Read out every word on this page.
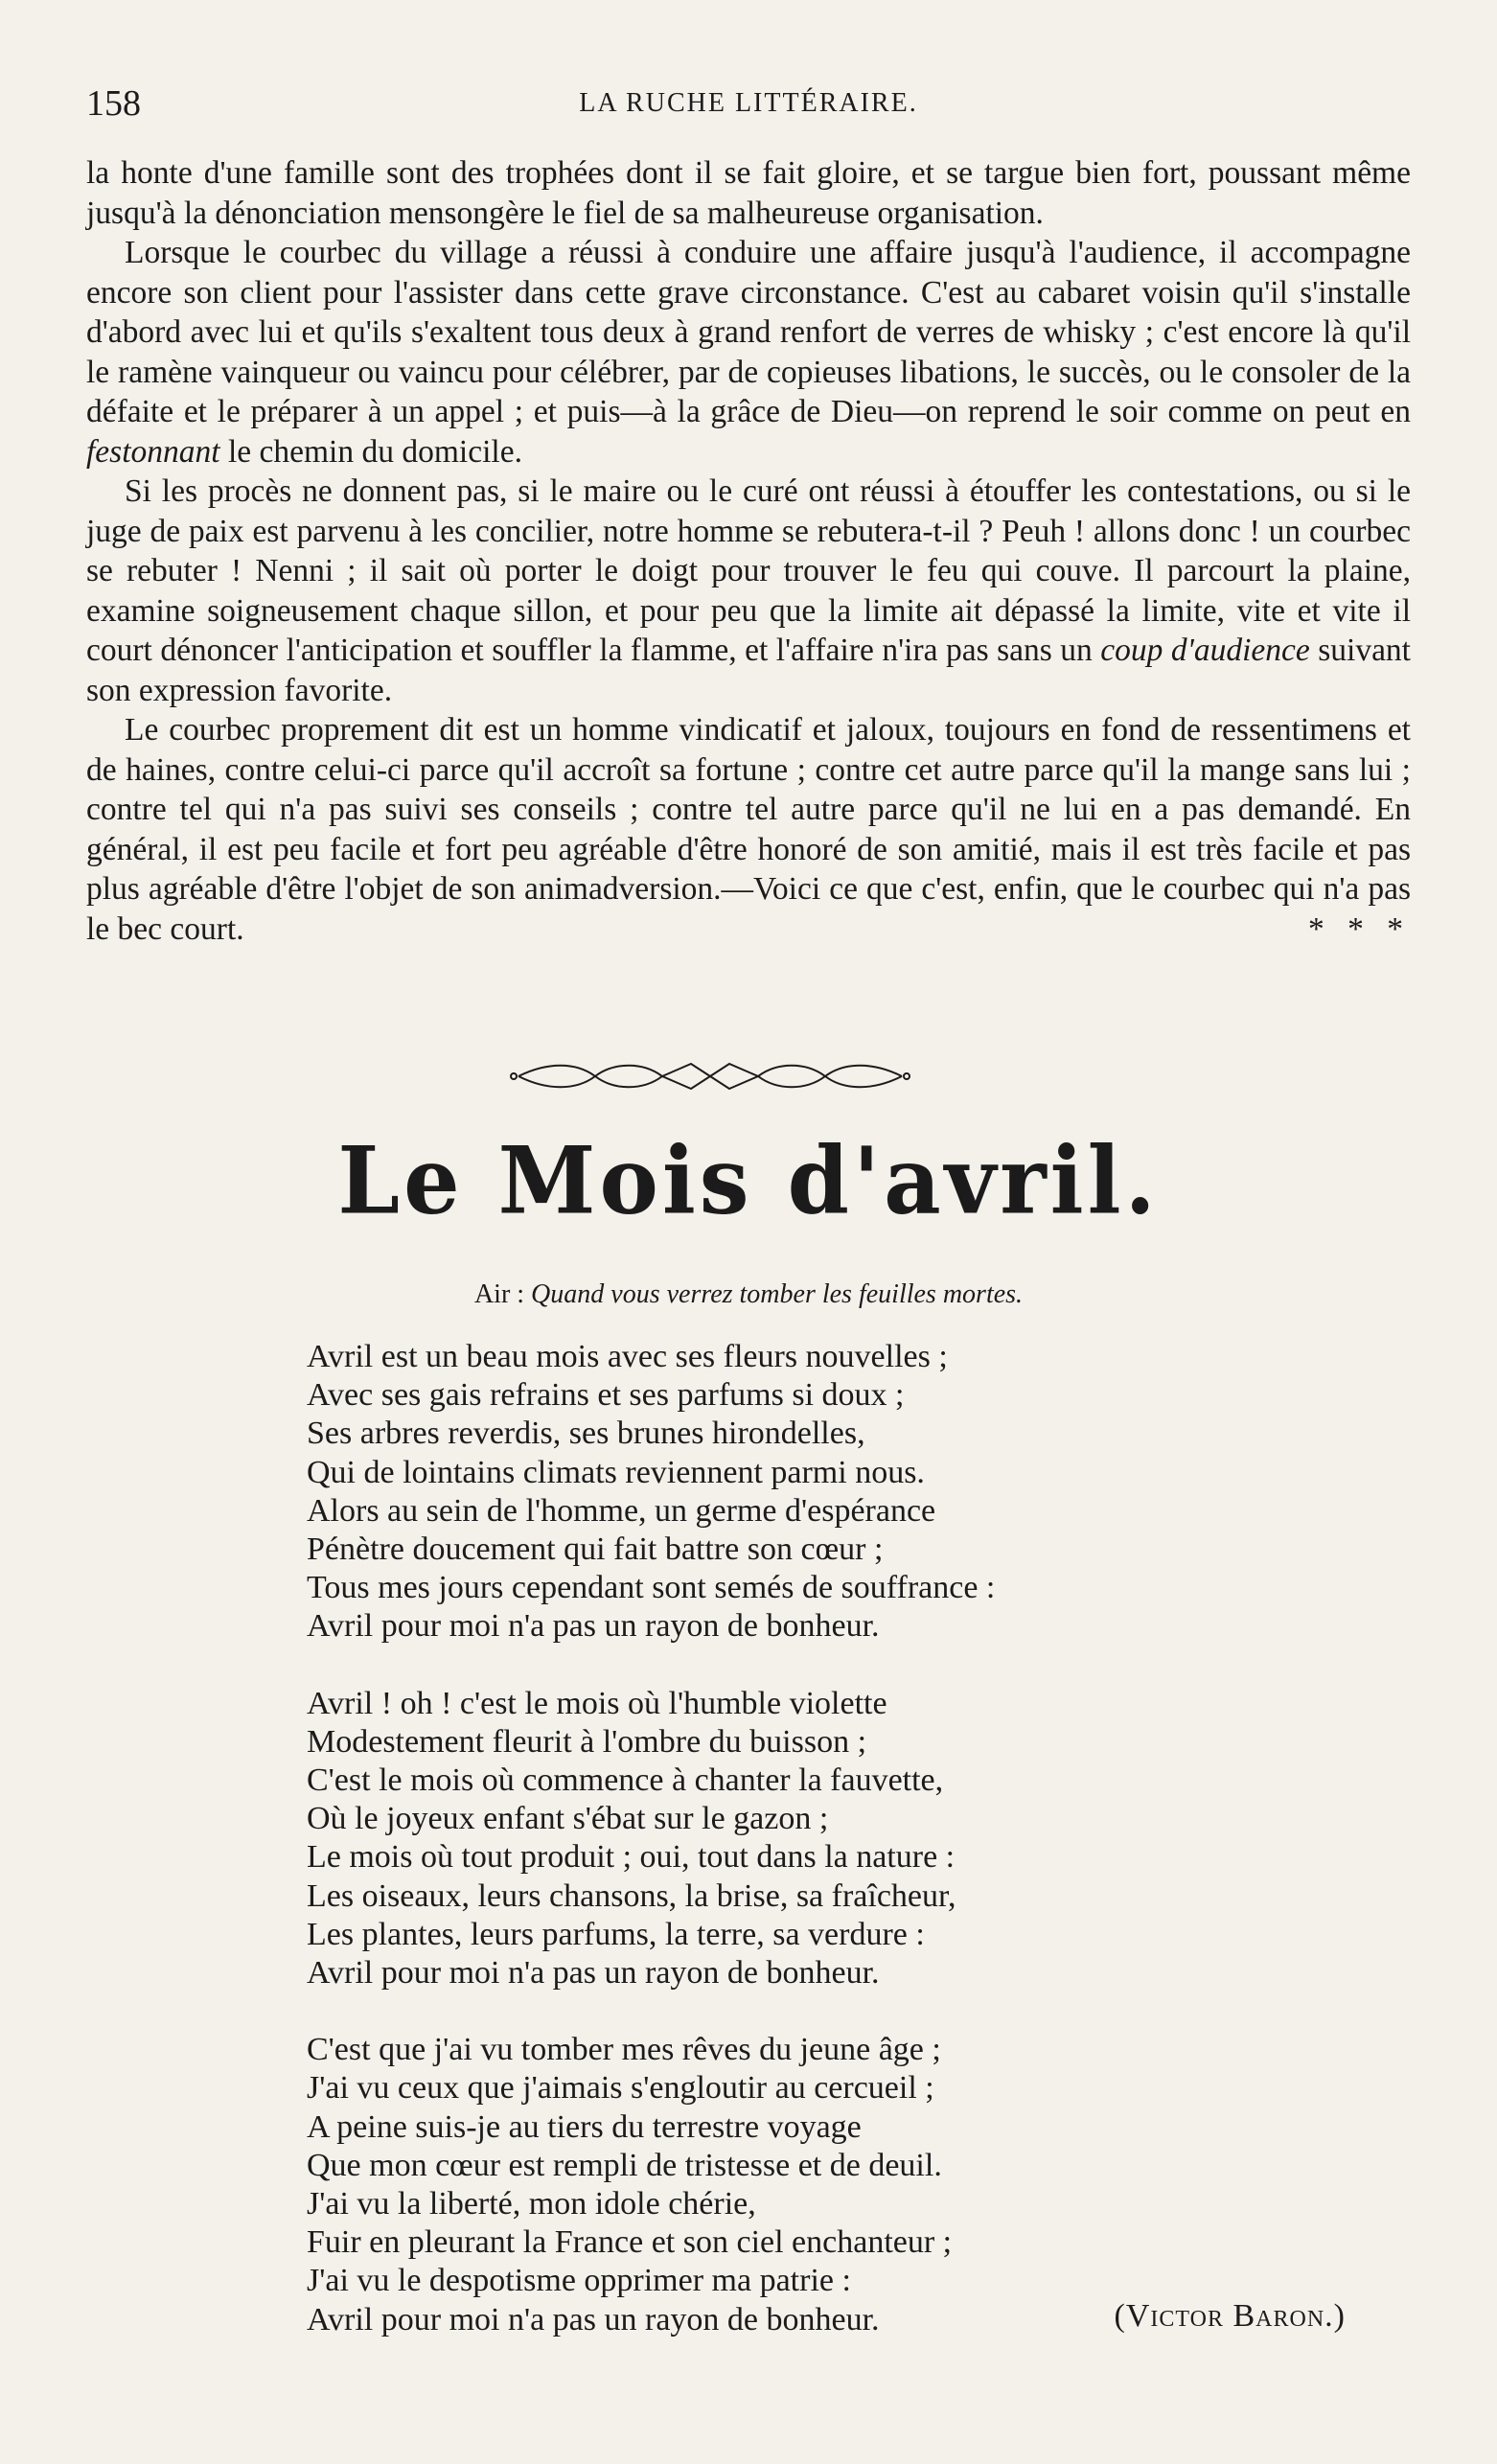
158	LA RUCHE LITTÉRAIRE.

la honte d'une famille sont des trophées dont il se fait gloire, et se targue bien fort, poussant même jusqu'à la dénonciation mensongère le fiel de sa malheureuse organisation.

Lorsque le courbec du village a réussi à conduire une affaire jusqu'à l'audience, il accompagne encore son client pour l'assister dans cette grave circonstance. C'est au cabaret voisin qu'il s'installe d'abord avec lui et qu'ils s'exaltent tous deux à grand renfort de verres de whisky ; c'est encore là qu'il le ramène vainqueur ou vaincu pour célébrer, par de copieuses libations, le succès, ou le consoler de la défaite et le préparer à un appel ; et puis—à la grâce de Dieu—on reprend le soir comme on peut en festonnant le chemin du domicile.

Si les procès ne donnent pas, si le maire ou le curé ont réussi à étouffer les contestations, ou si le juge de paix est parvenu à les concilier, notre homme se rebutera-t-il ? Peuh ! allons donc ! un courbec se rebuter ! Nenni ; il sait où porter le doigt pour trouver le feu qui couve. Il parcourt la plaine, examine soigneusement chaque sillon, et pour peu que la limite ait dépassé la limite, vite et vite il court dénoncer l'anticipation et souffler la flamme, et l'affaire n'ira pas sans un coup d'audience suivant son expression favorite.

Le courbec proprement dit est un homme vindicatif et jaloux, toujours en fond de ressentimens et de haines, contre celui-ci parce qu'il accroît sa fortune ; contre cet autre parce qu'il la mange sans lui ; contre tel qui n'a pas suivi ses conseils ; contre tel autre parce qu'il ne lui en a pas demandé. En général, il est peu facile et fort peu agréable d'être honoré de son amitié, mais il est très facile et pas plus agréable d'être l'objet de son animadversion.—Voici ce que c'est, enfin, que le courbec qui n'a pas le bec court.	* * *

Le Mois d'avril.
Air : Quand vous verrez tomber les feuilles mortes.
Avril est un beau mois avec ses fleurs nouvelles ;
Avec ses gais refrains et ses parfums si doux ;
Ses arbres reverdis, ses brunes hirondelles,
Qui de lointains climats reviennent parmi nous.
Alors au sein de l'homme, un germe d'espérance
Pénètre doucement qui fait battre son cœur ;
Tous mes jours cependant sont semés de souffrance :
Avril pour moi n'a pas un rayon de bonheur.
Avril ! oh ! c'est le mois où l'humble violette
Modestement fleurit à l'ombre du buisson ;
C'est le mois où commence à chanter la fauvette,
Où le joyeux enfant s'ébat sur le gazon ;
Le mois où tout produit ; oui, tout dans la nature :
Les oiseaux, leurs chansons, la brise, sa fraîcheur,
Les plantes, leurs parfums, la terre, sa verdure :
Avril pour moi n'a pas un rayon de bonheur.
C'est que j'ai vu tomber mes rêves du jeune âge ;
J'ai vu ceux que j'aimais s'engloutir au cercueil ;
A peine suis-je au tiers du terrestre voyage
Que mon cœur est rempli de tristesse et de deuil.
J'ai vu la liberté, mon idole chérie,
Fuir en pleurant la France et son ciel enchanteur ;
J'ai vu le despotisme opprimer ma patrie :
Avril pour moi n'a pas un rayon de bonheur.	(Victor Baron.)
